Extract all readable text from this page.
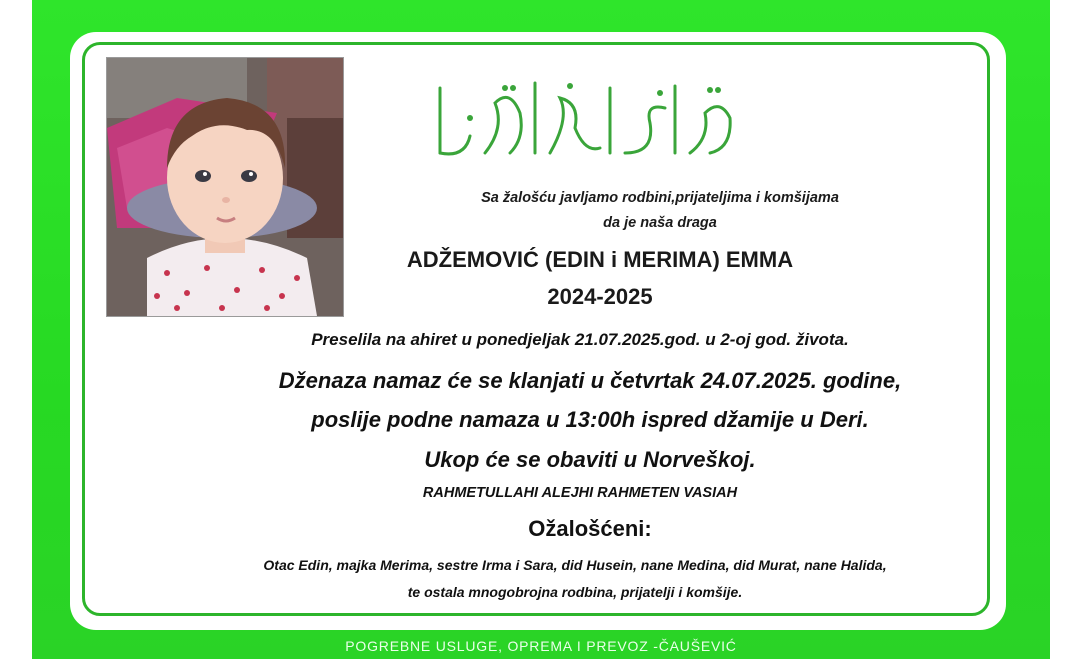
Sa žalošću javljamo rodbini,prijateljima i komšijama
da je naša draga
ADŽEMOVIĆ (EDIN i MERIMA) EMMA
2024-2025
Preselila na ahiret u ponedjeljak 21.07.2025.god. u 2-oj god. života.
Dženaza namaz će se klanjati u četvrtak 24.07.2025. godine,
poslije podne namaza u 13:00h ispred džamije u Deri.
Ukop će se obaviti u Norveškoj.
RAHMETULLAHI ALEJHI RAHMETEN VASIAH
Ožalošćeni:
Otac Edin, majka Merima, sestre Irma i Sara, did Husein, nane Medina, did Murat, nane Halida,
te ostala mnogobrojna rodbina, prijatelji i komšije.
POGREBNE USLUGE, OPREMA I PREVOZ -ČAUŠEVIĆ
